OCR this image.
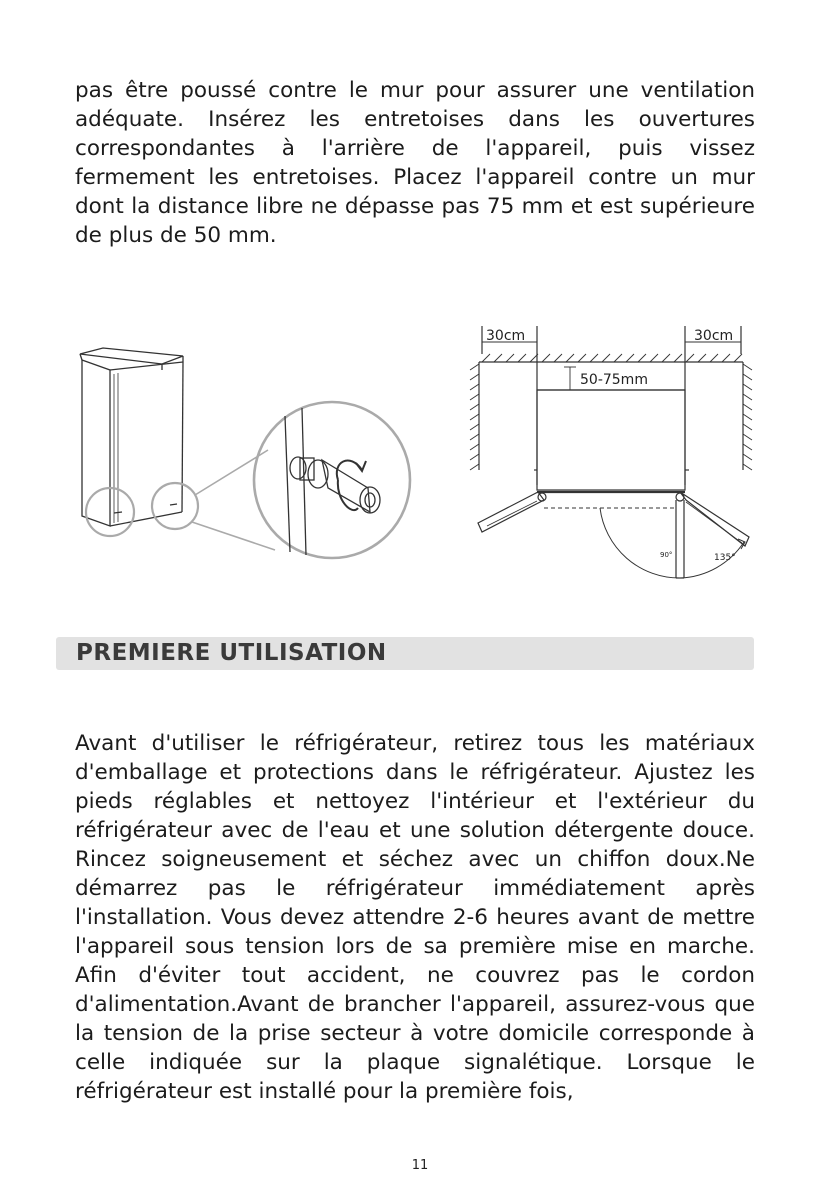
pas être poussé contre le mur pour assurer une ventilation adéquate. Insérez les entretoises dans les ouvertures correspondantes à l'arrière de l'appareil, puis vissez fermement les entretoises. Placez l'appareil contre un mur dont la distance libre ne dépasse pas 75 mm et est supérieure de plus de 50 mm.

30cm	30cm
50-75mm
90°	135°
PREMIERE UTILISATION

Avant d'utiliser le réfrigérateur, retirez tous les matériaux d'emballage et protections dans le réfrigérateur. Ajustez les pieds réglables et nettoyez l'intérieur et l'extérieur du réfrigérateur avec de l'eau et une solution détergente douce. Rincez soigneusement et séchez avec un chiffon doux.Ne démarrez pas le réfrigérateur immédiatement après l'installation. Vous devez attendre 2-6 heures avant de mettre l'appareil sous tension lors de sa première mise en marche. Afin d'éviter tout accident, ne couvrez pas le cordon d'alimentation.Avant de brancher l'appareil, assurez-vous que la tension de la prise secteur à votre domicile corresponde à celle indiquée sur la plaque signalétique. Lorsque le réfrigérateur est installé pour la première fois,

11
